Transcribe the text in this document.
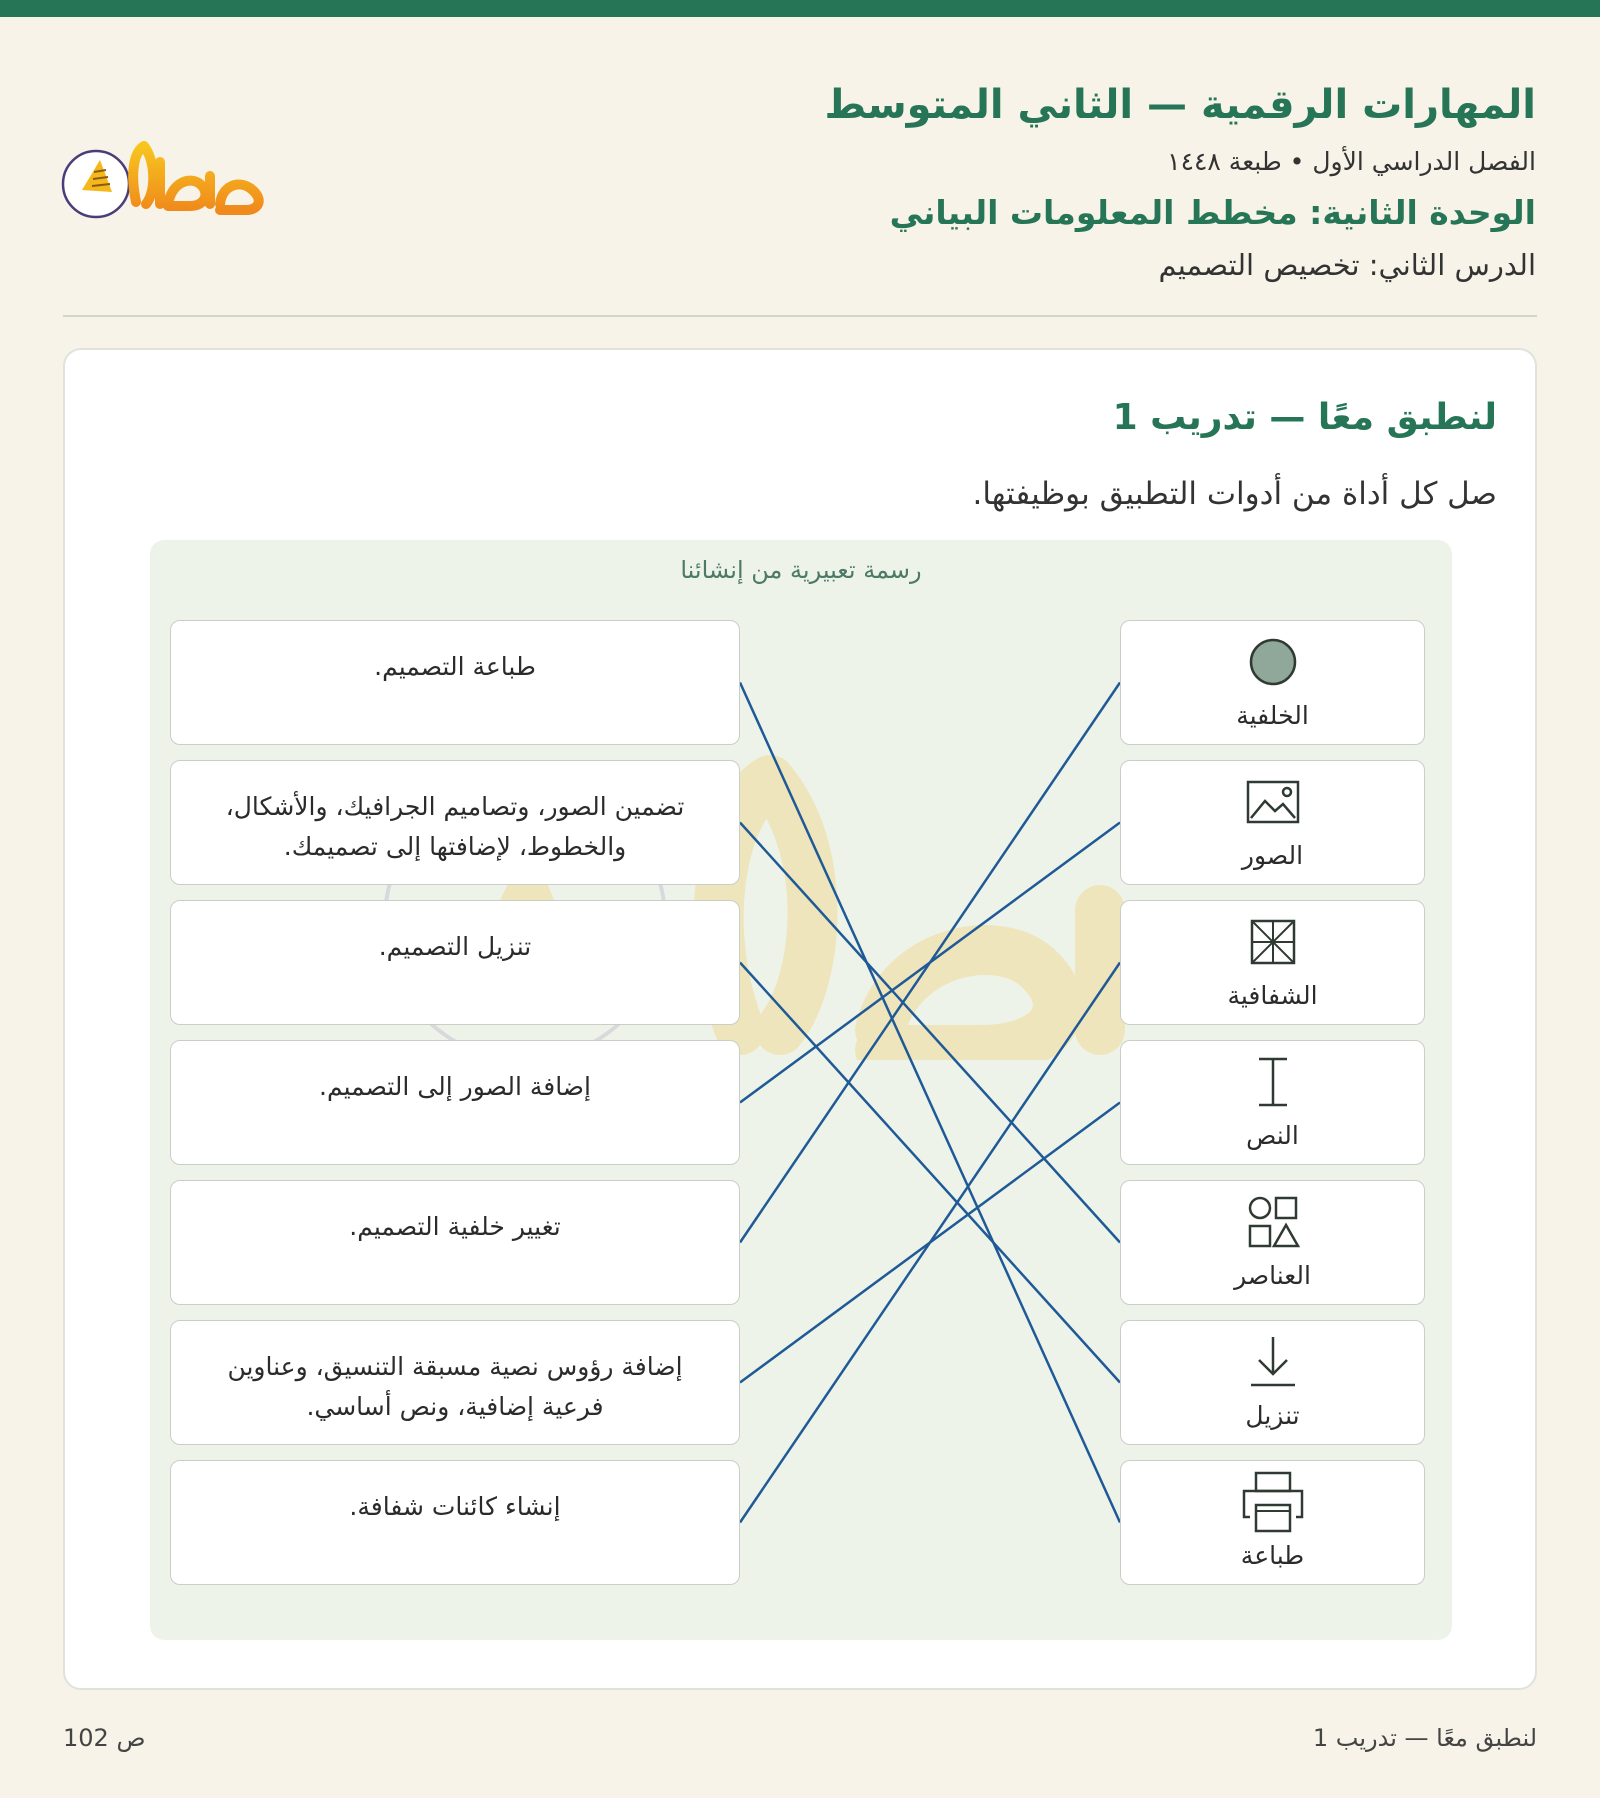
المهارات الرقمية — الثاني المتوسط
الفصل الدراسي الأول • طبعة ١٤٤٨
الوحدة الثانية: مخطط المعلومات البياني
الدرس الثاني: تخصيص التصميم
لنطبق معًا — تدريب 1
صل كل أداة من أدوات التطبيق بوظيفتها.
رسمة تعبيرية من إنشائنا
طباعة التصميم.
تضمين الصور، وتصاميم الجرافيك، والأشكال، والخطوط، لإضافتها إلى تصميمك.
تنزيل التصميم.
إضافة الصور إلى التصميم.
تغيير خلفية التصميم.
إضافة رؤوس نصية مسبقة التنسيق، وعناوين فرعية إضافية، ونص أساسي.
إنشاء كائنات شفافة.
الخلفية
الصور
الشفافية
النص
العناصر
تنزيل
طباعة
ص 102	لنطبق معًا — تدريب 1
